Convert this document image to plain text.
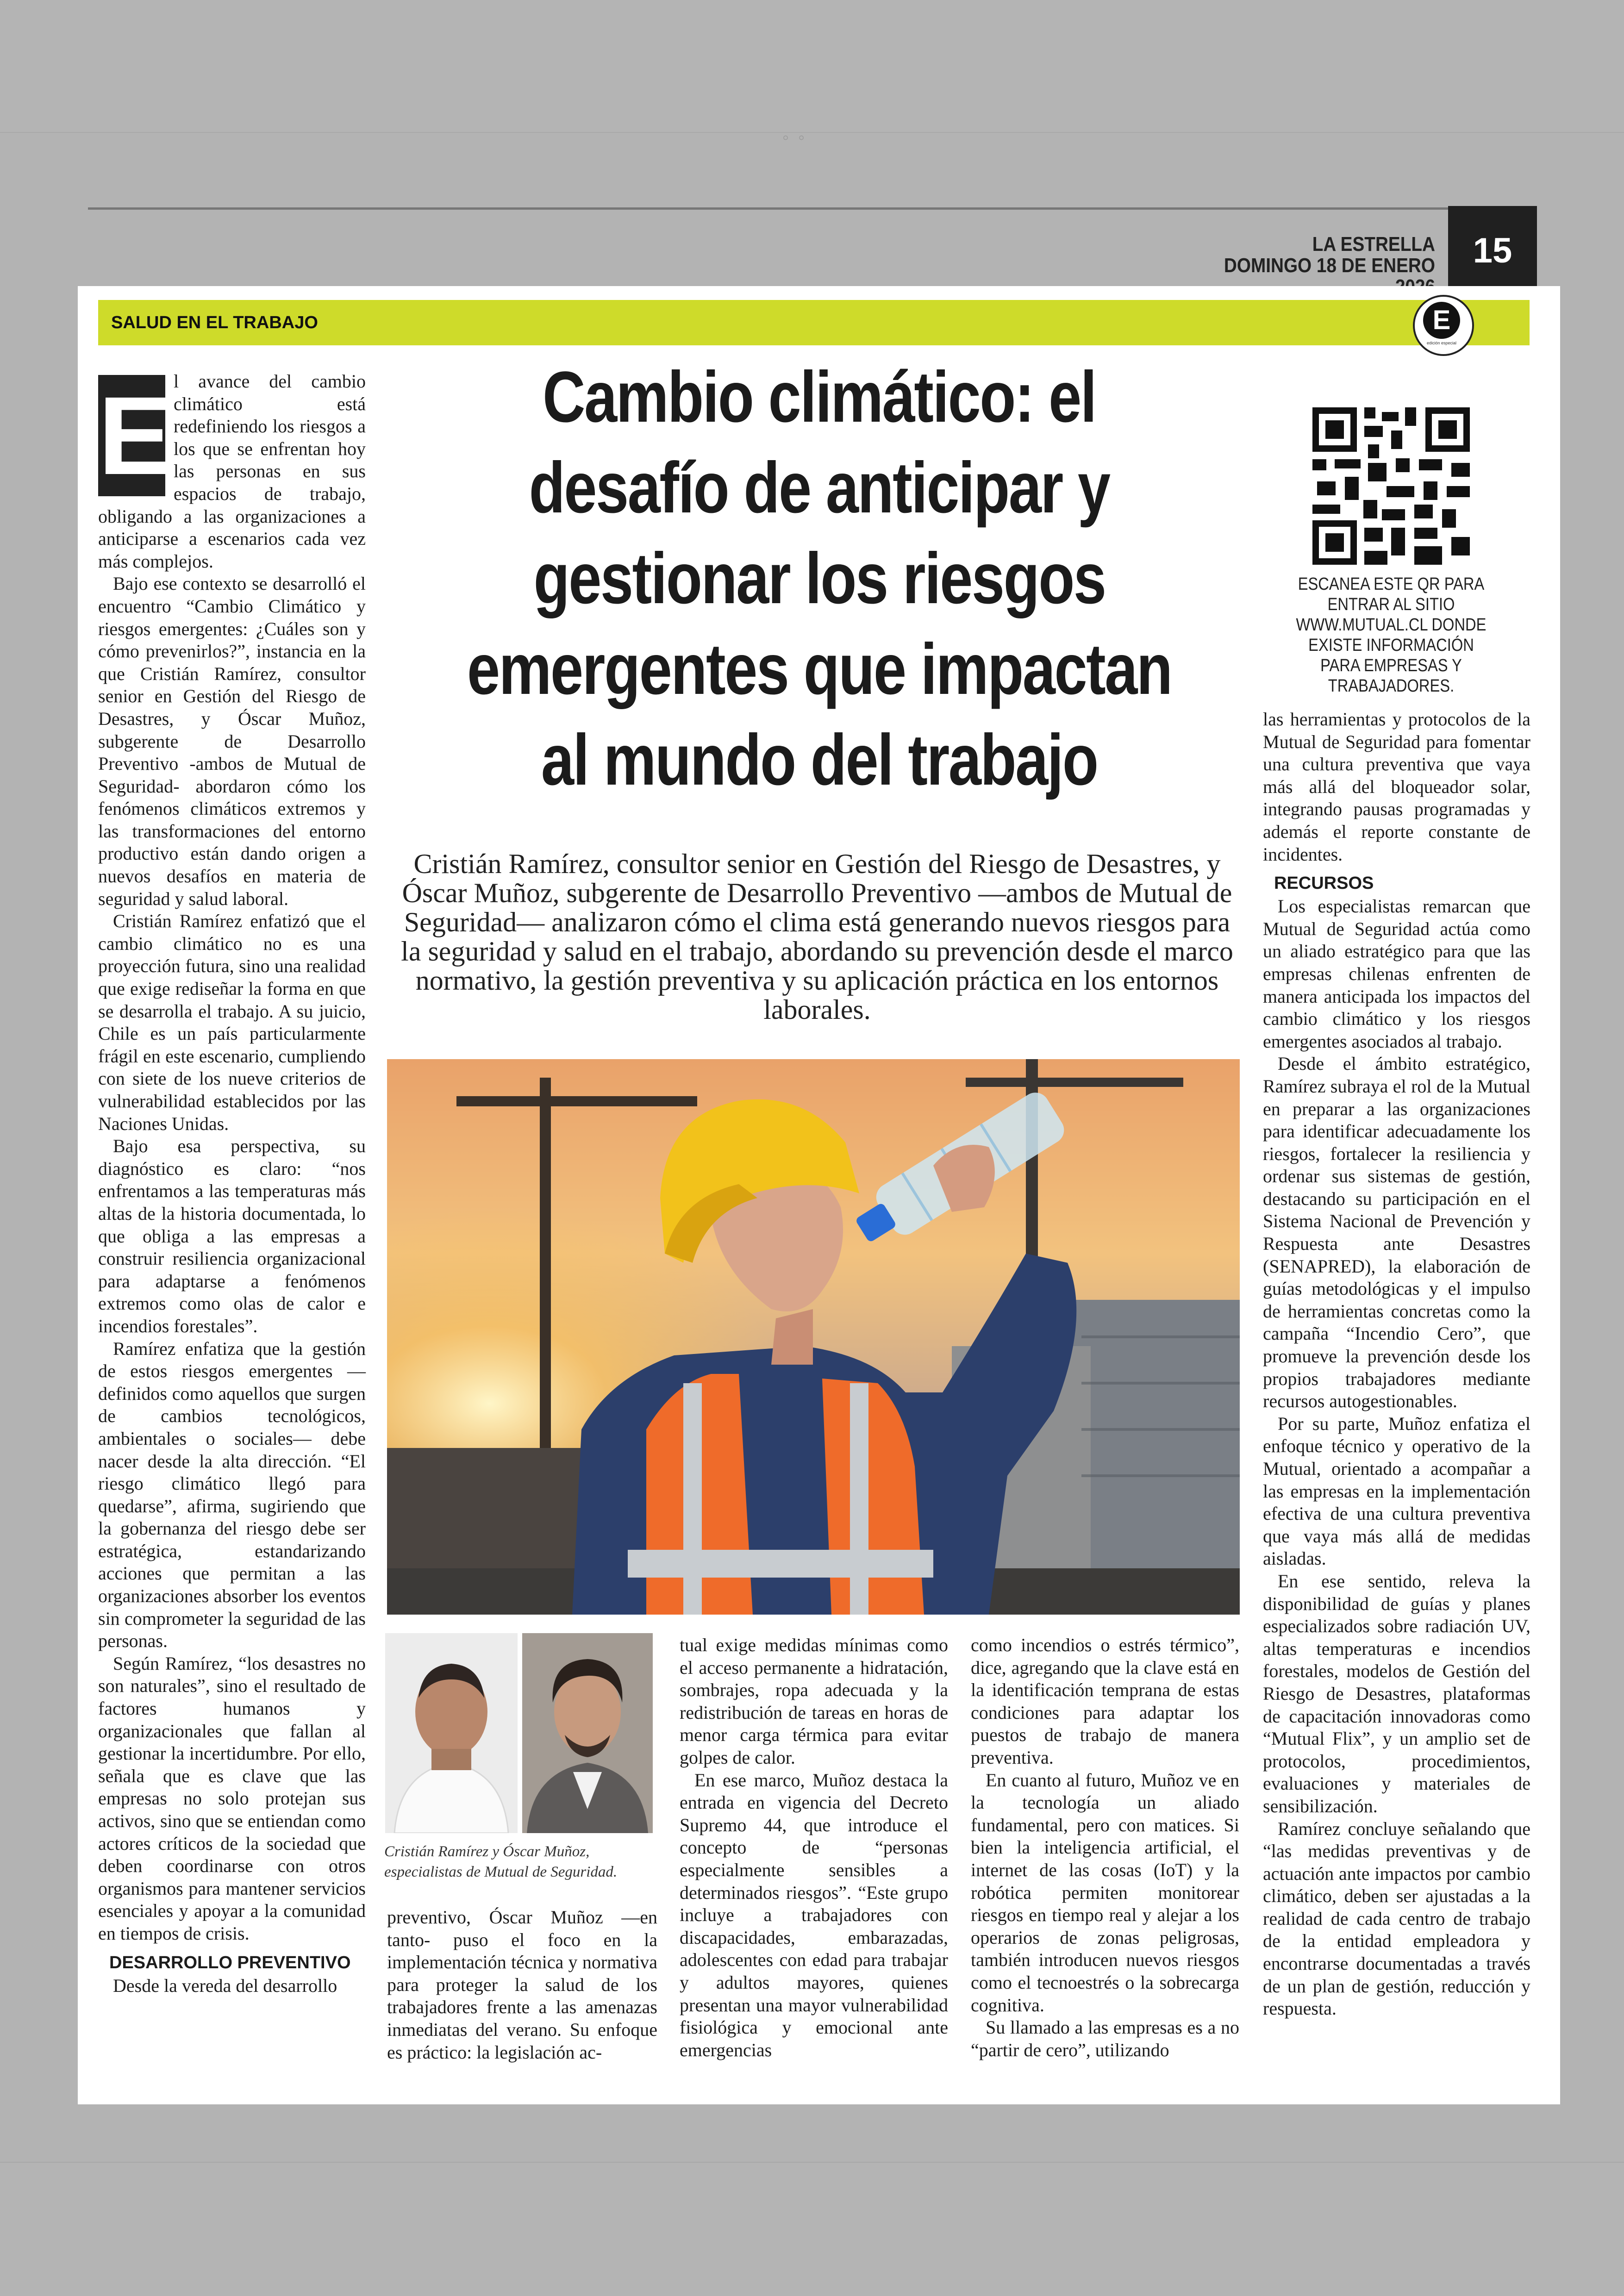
◦◦
LA ESTRELLA
DOMINGO 18 DE ENERO	15
SALUD EN EL TRABAJO	E
edición especial
E l avance del cambio climático está redefiniendo los riesgos a los que se enfrentan hoy las personas en sus espacios de trabajo, obligando a las organizaciones a anticiparse a escenarios cada vez más complejos.

Bajo ese contexto se desarrolló el encuentro “Cambio Climático y riesgos emergentes: ¿Cuáles son y cómo prevenirlos?”, instancia en la que Cristián Ramírez, consultor senior en Gestión del Riesgo de Desastres, y Óscar Muñoz, subgerente de Desarrollo Preventivo -ambos de Mutual de Seguridad- abordaron cómo los fenómenos climáticos extremos y las transformaciones del entorno productivo están dando origen a nuevos desafíos en materia de seguridad y salud laboral.

Cristián Ramírez enfatizó que el cambio climático no es una proyección futura, sino una realidad que exige rediseñar la forma en que se desarrolla el trabajo. A su juicio, Chile es un país particularmente frágil en este escenario, cumpliendo con siete de los nueve criterios de vulnerabilidad establecidos por las Naciones Unidas.

Bajo esa perspectiva, su diagnóstico es claro: “nos enfrentamos a las temperaturas más altas de la historia documentada, lo que obliga a las empresas a construir resiliencia organizacional para adaptarse a fenómenos extremos como olas de calor e incendios forestales”.

Ramírez enfatiza que la gestión de estos riesgos emergentes —definidos como aquellos que surgen de cambios tecnológicos, ambientales o sociales— debe nacer desde la alta dirección. “El riesgo climático llegó para quedarse”, afirma, sugiriendo que la gobernanza del riesgo debe ser estratégica, estandarizando acciones que permitan a las organizaciones absorber los eventos sin comprometer la seguridad de las personas.

Según Ramírez, “los desastres no son naturales”, sino el resultado de factores humanos y organizacionales que fallan al gestionar la incertidumbre. Por ello, señala que es clave que las empresas no solo protejan sus activos, sino que se entiendan como actores críticos de la sociedad que deben coordinarse con otros organismos para mantener servicios esenciales y apoyar a la comunidad en tiempos de crisis.

DESARROLLO PREVENTIVO

Desde la vereda del desarrollo

Cambio climático: el
desafío de anticipar y
gestionar los riesgos
emergentes que impactan
al mundo del trabajo
Cristián Ramírez, consultor senior en Gestión del Riesgo de Desastres, y Óscar Muñoz, subgerente de Desarrollo Preventivo —ambos de Mutual de Seguridad— analizaron cómo el clima está generando nuevos riesgos para la seguridad y salud en el trabajo, abordando su prevención desde el marco normativo, la gestión preventiva y su aplicación práctica en los entornos laborales.
ESCANEA ESTE QR PARA ENTRAR AL SITIO WWW.MUTUAL.CL DONDE EXISTE INFORMACIÓN PARA EMPRESAS Y TRABAJADORES.

las herramientas y protocolos de la Mutual de Seguridad para fomentar una cultura preventiva que vaya más allá del bloqueador solar, integrando pausas programadas y además el reporte constante de incidentes.

RECURSOS

Los especialistas remarcan que Mutual de Seguridad actúa como un aliado estratégico para que las empresas chilenas enfrenten de manera anticipada los impactos del cambio climático y los riesgos emergentes asociados al trabajo.

Desde el ámbito estratégico, Ramírez subraya el rol de la Mutual en preparar a las organizaciones para identificar adecuadamente los riesgos, fortalecer la resiliencia y ordenar sus sistemas de gestión, destacando su participación en el Sistema Nacional de Prevención y Respuesta ante Desastres (SENAPRED), la elaboración de guías metodológicas y el impulso de herramientas concretas como la campaña “Incendio Cero”, que promueve la prevención desde los propios trabajadores mediante recursos autogestionables.

Por su parte, Muñoz enfatiza el enfoque técnico y operativo de la Mutual, orientado a acompañar a las empresas en la implementación efectiva de una cultura preventiva que vaya más allá de medidas aisladas.

En ese sentido, releva la disponibilidad de guías y planes especializados sobre radiación UV, altas temperaturas e incendios forestales, modelos de Gestión del Riesgo de Desastres, plataformas de capacitación innovadoras como “Mutual Flix”, y un amplio set de protocolos, procedimientos, evaluaciones y materiales de sensibilización.

Ramírez concluye señalando que “las medidas preventivas y de actuación ante impactos por cambio climático, deben ser ajustadas a la realidad de cada centro de trabajo de la entidad empleadora y encontrarse documentadas a través de un plan de gestión, reducción y respuesta.

Cristián Ramírez y Óscar Muñoz, especialistas de Mutual de Seguridad.

preventivo, Óscar Muñoz —en tanto- puso el foco en la implementación técnica y normativa para proteger la salud de los trabajadores frente a las amenazas inmediatas del verano. Su enfoque es práctico: la legislación ac-

tual exige medidas mínimas como el acceso permanente a hidratación, sombrajes, ropa adecuada y la redistribución de tareas en horas de menor carga térmica para evitar golpes de calor.

En ese marco, Muñoz destaca la entrada en vigencia del Decreto Supremo 44, que introduce el concepto de “personas especialmente sensibles a determinados riesgos”. “Este grupo incluye a trabajadores con discapacidades, embarazadas, adolescentes con edad para trabajar y adultos mayores, quienes presentan una mayor vulnerabilidad fisiológica y emocional ante emergencias

como incendios o estrés térmico”, dice, agregando que la clave está en la identificación temprana de estas condiciones para adaptar los puestos de trabajo de manera preventiva.

En cuanto al futuro, Muñoz ve en la tecnología un aliado fundamental, pero con matices. Si bien la inteligencia artificial, el internet de las cosas (IoT) y la robótica permiten monitorear riesgos en tiempo real y alejar a los operarios de zonas peligrosas, también introducen nuevos riesgos como el tecnoestrés o la sobrecarga cognitiva.

Su llamado a las empresas es a no “partir de cero”, utilizando
